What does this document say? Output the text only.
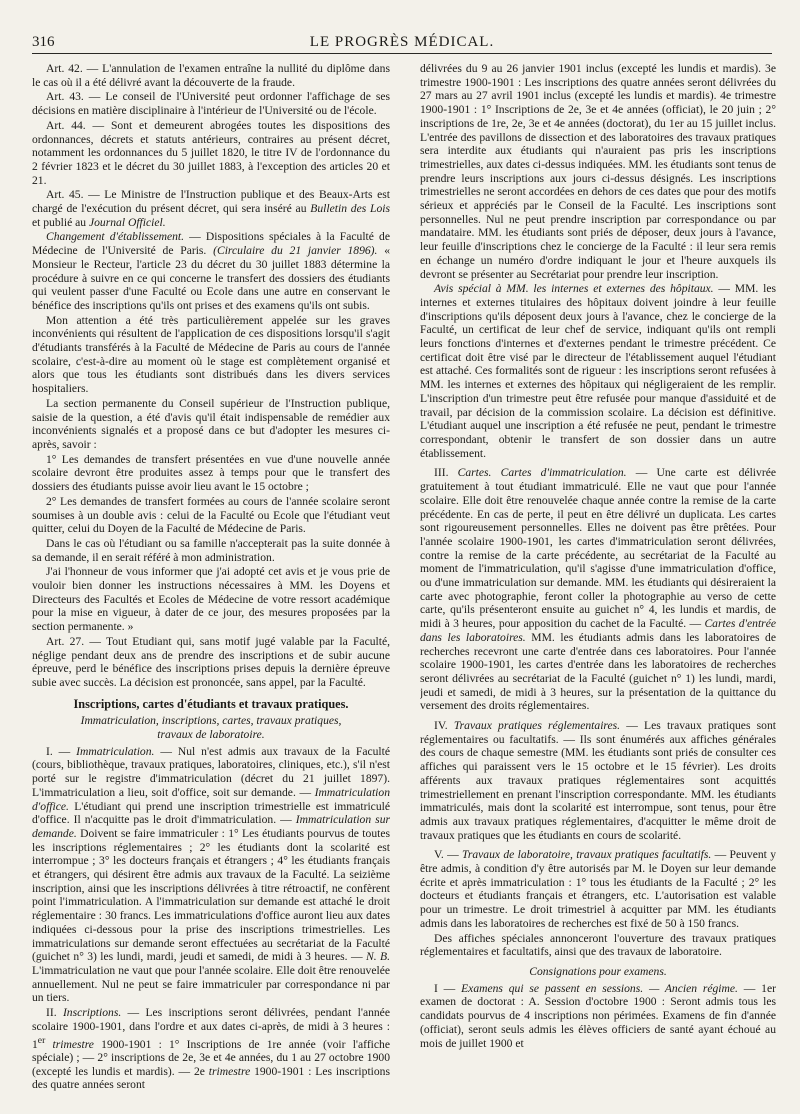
316	LE PROGRÈS MÉDICAL.

Art. 42. — L'annulation de l'examen entraîne la nullité du diplôme dans le cas où il a été délivré avant la découverte de la fraude.

Art. 43. — Le conseil de l'Université peut ordonner l'affichage de ses décisions en matière disciplinaire à l'intérieur de l'Université ou de l'école.

Art. 44. — Sont et demeurent abrogées toutes les dispositions des ordonnances, décrets et statuts antérieurs, contraires au présent décret, notamment les ordonnances du 5 juillet 1820, le titre IV de l'ordonnance du 2 février 1823 et le décret du 30 juillet 1883, à l'exception des articles 20 et 21.

Art. 45. — Le Ministre de l'Instruction publique et des Beaux-Arts est chargé de l'exécution du présent décret, qui sera inséré au Bulletin des Lois et publié au Journal Officiel.

Changement d'établissement. — Dispositions spéciales à la Faculté de Médecine de l'Université de Paris. (Circulaire du 21 janvier 1896). « Monsieur le Recteur, l'article 23 du décret du 30 juillet 1883 détermine la procédure à suivre en ce qui concerne le transfert des dossiers des étudiants qui veulent passer d'une Faculté ou Ecole dans une autre en conservant le bénéfice des inscriptions qu'ils ont prises et des examens qu'ils ont subis.

Mon attention a été très particulièrement appelée sur les graves inconvénients qui résultent de l'application de ces dispositions lorsqu'il s'agit d'étudiants transférés à la Faculté de Médecine de Paris au cours de l'année scolaire, c'est-à-dire au moment où le stage est complètement organisé et alors que tous les étudiants sont distribués dans les divers services hospitaliers.

La section permanente du Conseil supérieur de l'Instruction publique, saisie de la question, a été d'avis qu'il était indispensable de remédier aux inconvénients signalés et a proposé dans ce but d'adopter les mesures ci-après, savoir :

1° Les demandes de transfert présentées en vue d'une nouvelle année scolaire devront être produites assez à temps pour que le transfert des dossiers des étudiants puisse avoir lieu avant le 15 octobre ;

2° Les demandes de transfert formées au cours de l'année scolaire seront soumises à un double avis : celui de la Faculté ou Ecole que l'étudiant veut quitter, celui du Doyen de la Faculté de Médecine de Paris.

Dans le cas où l'étudiant ou sa famille n'accepterait pas la suite donnée à sa demande, il en serait référé à mon administration.

J'ai l'honneur de vous informer que j'ai adopté cet avis et je vous prie de vouloir bien donner les instructions nécessaires à MM. les Doyens et Directeurs des Facultés et Ecoles de Médecine de votre ressort académique pour la mise en vigueur, à dater de ce jour, des mesures proposées par la section permanente. »

Art. 27. — Tout Etudiant qui, sans motif jugé valable par la Faculté, néglige pendant deux ans de prendre des inscriptions et de subir aucune épreuve, perd le bénéfice des inscriptions prises depuis la dernière épreuve subie avec succès. La décision est prononcée, sans appel, par la Faculté.

Inscriptions, cartes d'étudiants et travaux pratiques.

Immatriculation, inscriptions, cartes, travaux pratiques,
travaux de laboratoire.

I. — Immatriculation. — Nul n'est admis aux travaux de la Faculté (cours, bibliothèque, travaux pratiques, laboratoires, cliniques, etc.), s'il n'est porté sur le registre d'immatriculation (décret du 21 juillet 1897). L'immatriculation a lieu, soit d'office, soit sur demande. — Immatriculation d'office. L'étudiant qui prend une inscription trimestrielle est immatriculé d'office. Il n'acquitte pas le droit d'immatriculation. — Immatriculation sur demande. Doivent se faire immatriculer : 1° Les étudiants pourvus de toutes les inscriptions réglementaires ; 2° les étudiants dont la scolarité est interrompue ; 3° les docteurs français et étrangers ; 4° les étudiants français et étrangers, qui désirent être admis aux travaux de la Faculté. La seizième inscription, ainsi que les inscriptions délivrées à titre rétroactif, ne confèrent point l'immatriculation. A l'immatriculation sur demande est attaché le droit réglementaire : 30 francs. Les immatriculations d'office auront lieu aux dates indiquées ci-dessous pour la prise des inscriptions trimestrielles. Les immatriculations sur demande seront effectuées au secrétariat de la Faculté (guichet n° 3) les lundi, mardi, jeudi et samedi, de midi à 3 heures. — N. B. L'immatriculation ne vaut que pour l'année scolaire. Elle doit être renouvelée annuellement. Nul ne peut se faire immatriculer par correspondance ni par un tiers.

II. Inscriptions. — Les inscriptions seront délivrées, pendant l'année scolaire 1900-1901, dans l'ordre et aux dates ci-après, de midi à 3 heures : 1er trimestre 1900-1901 : 1° Inscriptions de 1re année (voir l'affiche spéciale) ; — 2° inscriptions de 2e, 3e et 4e années, du 1 au 27 octobre 1900 (excepté les lundis et mardis). — 2e trimestre 1900-1901 : Les inscriptions des quatre années seront

délivrées du 9 au 26 janvier 1901 inclus (excepté les lundis et mardis). 3e trimestre 1900-1901 : Les inscriptions des quatre années seront délivrées du 27 mars au 27 avril 1901 inclus (excepté les lundis et mardis). 4e trimestre 1900-1901 : 1° Inscriptions de 2e, 3e et 4e années (officiat), le 20 juin ; 2° inscriptions de 1re, 2e, 3e et 4e années (doctorat), du 1er au 15 juillet inclus. L'entrée des pavillons de dissection et des laboratoires des travaux pratiques sera interdite aux étudiants qui n'auraient pas pris les inscriptions trimestrielles, aux dates ci-dessus indiquées. MM. les étudiants sont tenus de prendre leurs inscriptions aux jours ci-dessus désignés. Les inscriptions trimestrielles ne seront accordées en dehors de ces dates que pour des motifs sérieux et appréciés par le Conseil de la Faculté. Les inscriptions sont personnelles. Nul ne peut prendre inscription par correspondance ou par mandataire. MM. les étudiants sont priés de déposer, deux jours à l'avance, leur feuille d'inscriptions chez le concierge de la Faculté : il leur sera remis en échange un numéro d'ordre indiquant le jour et l'heure auxquels ils devront se présenter au Secrétariat pour prendre leur inscription.

Avis spécial à MM. les internes et externes des hôpitaux. — MM. les internes et externes titulaires des hôpitaux doivent joindre à leur feuille d'inscriptions qu'ils déposent deux jours à l'avance, chez le concierge de la Faculté, un certificat de leur chef de service, indiquant qu'ils ont rempli leurs fonctions d'internes et d'externes pendant le trimestre précédent. Ce certificat doit être visé par le directeur de l'établissement auquel l'étudiant est attaché. Ces formalités sont de rigueur : les inscriptions seront refusées à MM. les internes et externes des hôpitaux qui négligeraient de les remplir. L'inscription d'un trimestre peut être refusée pour manque d'assiduité et de travail, par décision de la commission scolaire. La décision est définitive. L'étudiant auquel une inscription a été refusée ne peut, pendant le trimestre correspondant, obtenir le transfert de son dossier dans un autre établissement.

III. Cartes. Cartes d'immatriculation. — Une carte est délivrée gratuitement à tout étudiant immatriculé. Elle ne vaut que pour l'année scolaire. Elle doit être renouvelée chaque année contre la remise de la carte précédente. En cas de perte, il peut en être délivré un duplicata. Les cartes sont rigoureusement personnelles. Elles ne doivent pas être prêtées. Pour l'année scolaire 1900-1901, les cartes d'immatriculation seront délivrées, contre la remise de la carte précédente, au secrétariat de la Faculté au moment de l'immatriculation, qu'il s'agisse d'une immatriculation d'office, ou d'une immatriculation sur demande. MM. les étudiants qui désireraient la carte avec photographie, feront coller la photographie au verso de cette carte, qu'ils présenteront ensuite au guichet n° 4, les lundis et mardis, de midi à 3 heures, pour apposition du cachet de la Faculté. — Cartes d'entrée dans les laboratoires. MM. les étudiants admis dans les laboratoires de recherches recevront une carte d'entrée dans ces laboratoires. Pour l'année scolaire 1900-1901, les cartes d'entrée dans les laboratoires de recherches seront délivrées au secrétariat de la Faculté (guichet n° 1) les lundi, mardi, jeudi et samedi, de midi à 3 heures, sur la présentation de la quittance du versement des droits réglementaires.

IV. Travaux pratiques réglementaires. — Les travaux pratiques sont réglementaires ou facultatifs. — Ils sont énumérés aux affiches générales des cours de chaque semestre (MM. les étudiants sont priés de consulter ces affiches qui paraissent vers le 15 octobre et le 15 février). Les droits afférents aux travaux pratiques réglementaires sont acquittés trimestriellement en prenant l'inscription correspondante. MM. les étudiants immatriculés, mais dont la scolarité est interrompue, sont tenus, pour être admis aux travaux pratiques réglementaires, d'acquitter le même droit de travaux pratiques que les étudiants en cours de scolarité.

V. — Travaux de laboratoire, travaux pratiques facultatifs. — Peuvent y être admis, à condition d'y être autorisés par M. le Doyen sur leur demande écrite et après immatriculation : 1° tous les étudiants de la Faculté ; 2° les docteurs et étudiants français et étrangers, etc. L'autorisation est valable pour un trimestre. Le droit trimestriel à acquitter par MM. les étudiants admis dans les laboratoires de recherches est fixé de 50 à 150 francs.

Des affiches spéciales annonceront l'ouverture des travaux pratiques réglementaires et facultatifs, ainsi que des travaux de laboratoire.

Consignations pour examens.

I — Examens qui se passent en sessions. — Ancien régime. — 1er examen de doctorat : A. Session d'octobre 1900 : Seront admis tous les candidats pourvus de 4 inscriptions non périmées. Examens de fin d'année (officiat), seront seuls admis les élèves officiers de santé ayant échoué au mois de juillet 1900 et
